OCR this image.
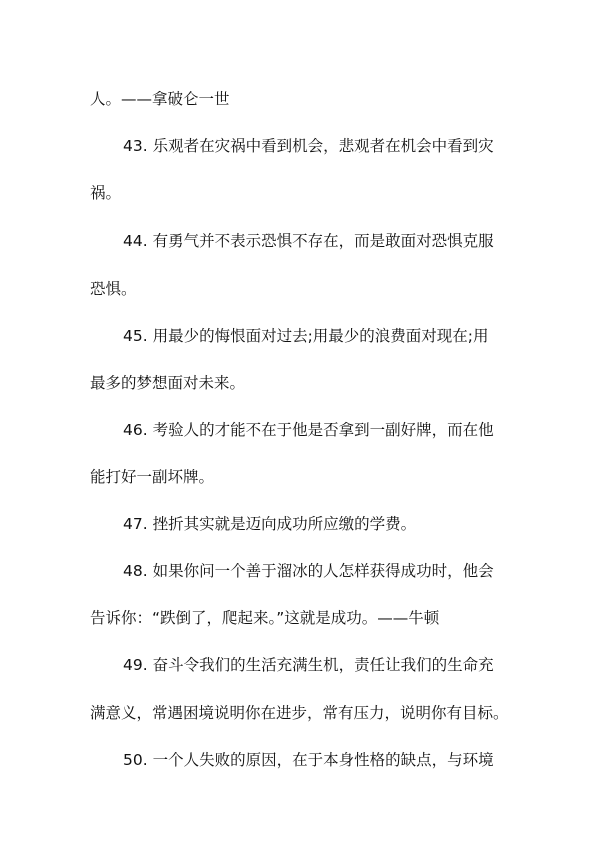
人。——拿破仑一世
43. 乐观者在灾祸中看到机会，悲观者在机会中看到灾
祸。
44. 有勇气并不表示恐惧不存在，而是敢面对恐惧克服
恐惧。
45. 用最少的悔恨面对过去;用最少的浪费面对现在;用
最多的梦想面对未来。
46. 考验人的才能不在于他是否拿到一副好牌，而在他
能打好一副坏牌。
47. 挫折其实就是迈向成功所应缴的学费。
48. 如果你问一个善于溜冰的人怎样获得成功时，他会
告诉你：“跌倒了，爬起来。”这就是成功。——牛顿
49. 奋斗令我们的生活充满生机，责任让我们的生命充
满意义，常遇困境说明你在进步，常有压力，说明你有目标。
50. 一个人失败的原因，在于本身性格的缺点，与环境
